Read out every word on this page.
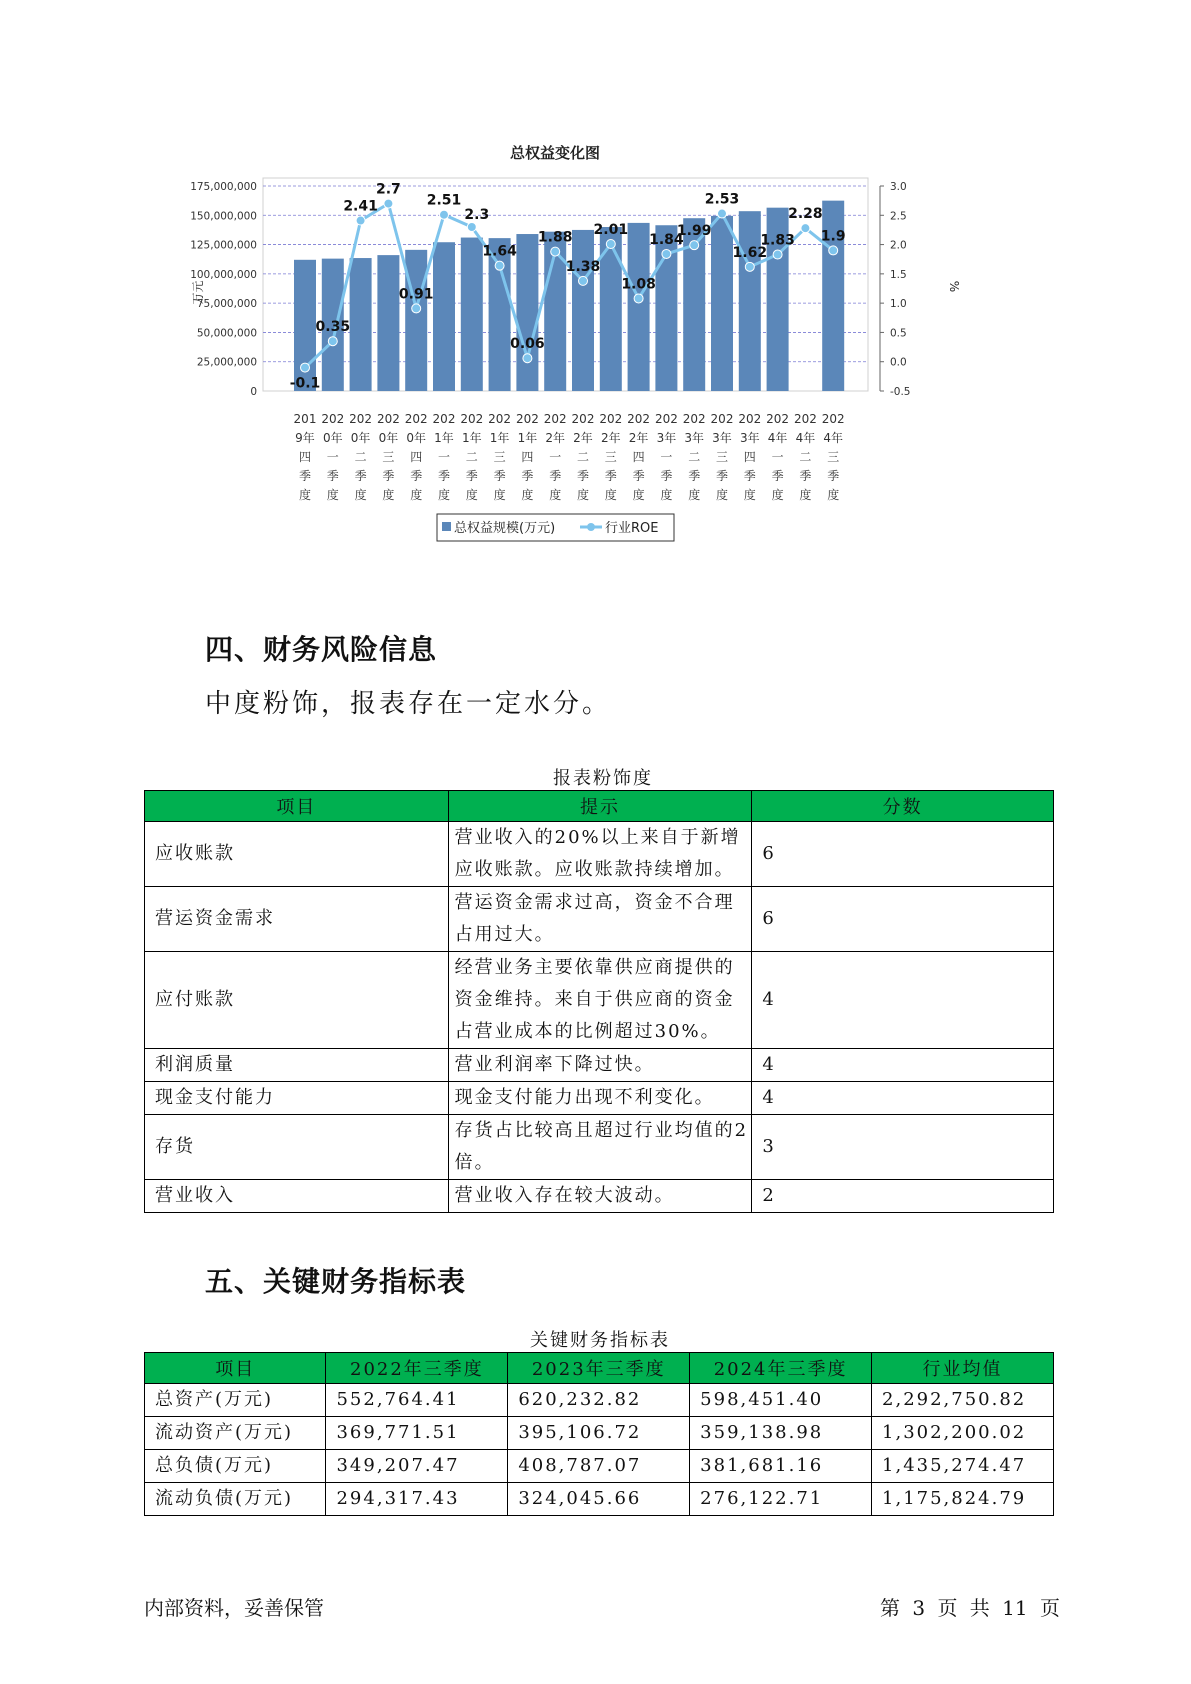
总权益变化图
175,000,000
150,000,000
125,000,000
100,000,000
75,000,000
50,000,000
25,000,000
0
3.0
2.5
2.0
1.5
1.0
0.5
0.0
-0.5
万元	%
201
9年
四
季
度
202
0年
一
季
度
202
0年
二
季
度
202
0年
三
季
度
202
0年
四
季
度
202
1年
一
季
度
202
1年
二
季
度
202
1年
三
季
度
202
1年
四
季
度
202
2年
一
季
度
202
2年
二
季
度
202
2年
三
季
度
202
2年
四
季
度
202
3年
一
季
度
202
3年
二
季
度
202
3年
三
季
度
202
3年
四
季
度
202
4年
一
季
度
202
4年
二
季
度
202
4年
三
季
度
-0.1
0.35
2.41
2.7
0.91
2.51
2.3
1.64
0.06
1.88
1.38
2.01
1.08
1.84
1.99
2.53
1.62
1.83
2.28
1.9
总权益规模(万元)	行业ROE
四、财务风险信息
中度粉饰，报表存在一定水分。
报表粉饰度
项目	提示	分数
应收账款	营业收入的20%以上来自于新增应收账款。应收账款持续增加。	6
营运资金需求	营运资金需求过高，资金不合理占用过大。	6
应付账款	经营业务主要依靠供应商提供的资金维持。来自于供应商的资金占营业成本的比例超过30%。	4
利润质量	营业利润率下降过快。	4
现金支付能力	现金支付能力出现不利变化。	4
存货	存货占比较高且超过行业均值的2倍。	3
营业收入	营业收入存在较大波动。	2
五、关键财务指标表
关键财务指标表
项目	2022年三季度	2023年三季度	2024年三季度	行业均值
总资产(万元)	552,764.41	620,232.82	598,451.40	2,292,750.82
流动资产(万元)	369,771.51	395,106.72	359,138.98	1,302,200.02
总负债(万元)	349,207.47	408,787.07	381,681.16	1,435,274.47
流动负债(万元)	294,317.43	324,045.66	276,122.71	1,175,824.79
内部资料，妥善保管	第 3 页 共 11 页
